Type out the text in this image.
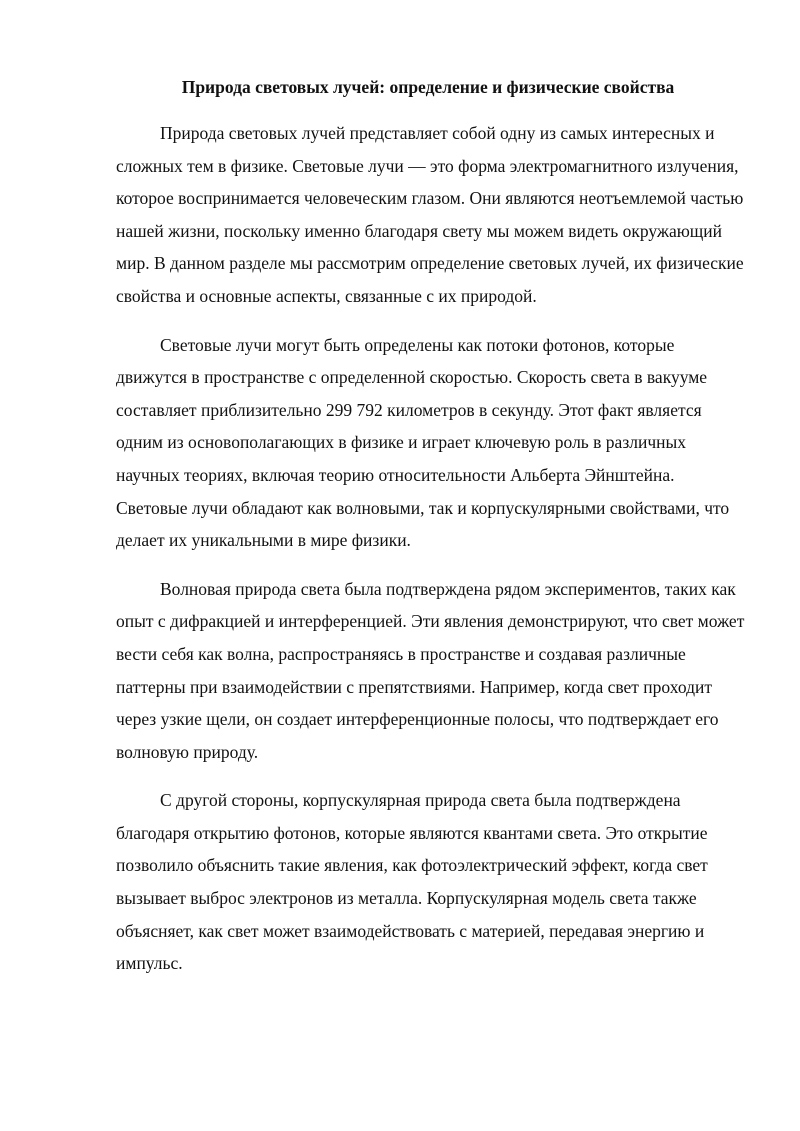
Природа световых лучей: определение и физические свойства

Природа световых лучей представляет собой одну из самых интересных и сложных тем в физике. Световые лучи — это форма электромагнитного излучения, которое воспринимается человеческим глазом. Они являются неотъемлемой частью нашей жизни, поскольку именно благодаря свету мы можем видеть окружающий мир. В данном разделе мы рассмотрим определение световых лучей, их физические свойства и основные аспекты, связанные с их природой.

Световые лучи могут быть определены как потоки фотонов, которые движутся в пространстве с определенной скоростью. Скорость света в вакууме составляет приблизительно 299 792 километров в секунду. Этот факт является одним из основополагающих в физике и играет ключевую роль в различных научных теориях, включая теорию относительности Альберта Эйнштейна. Световые лучи обладают как волновыми, так и корпускулярными свойствами, что делает их уникальными в мире физики.

Волновая природа света была подтверждена рядом экспериментов, таких как опыт с дифракцией и интерференцией. Эти явления демонстрируют, что свет может вести себя как волна, распространяясь в пространстве и создавая различные паттерны при взаимодействии с препятствиями. Например, когда свет проходит через узкие щели, он создает интерференционные полосы, что подтверждает его волновую природу.

С другой стороны, корпускулярная природа света была подтверждена благодаря открытию фотонов, которые являются квантами света. Это открытие позволило объяснить такие явления, как фотоэлектрический эффект, когда свет вызывает выброс электронов из металла. Корпускулярная модель света также объясняет, как свет может взаимодействовать с материей, передавая энергию и импульс.
